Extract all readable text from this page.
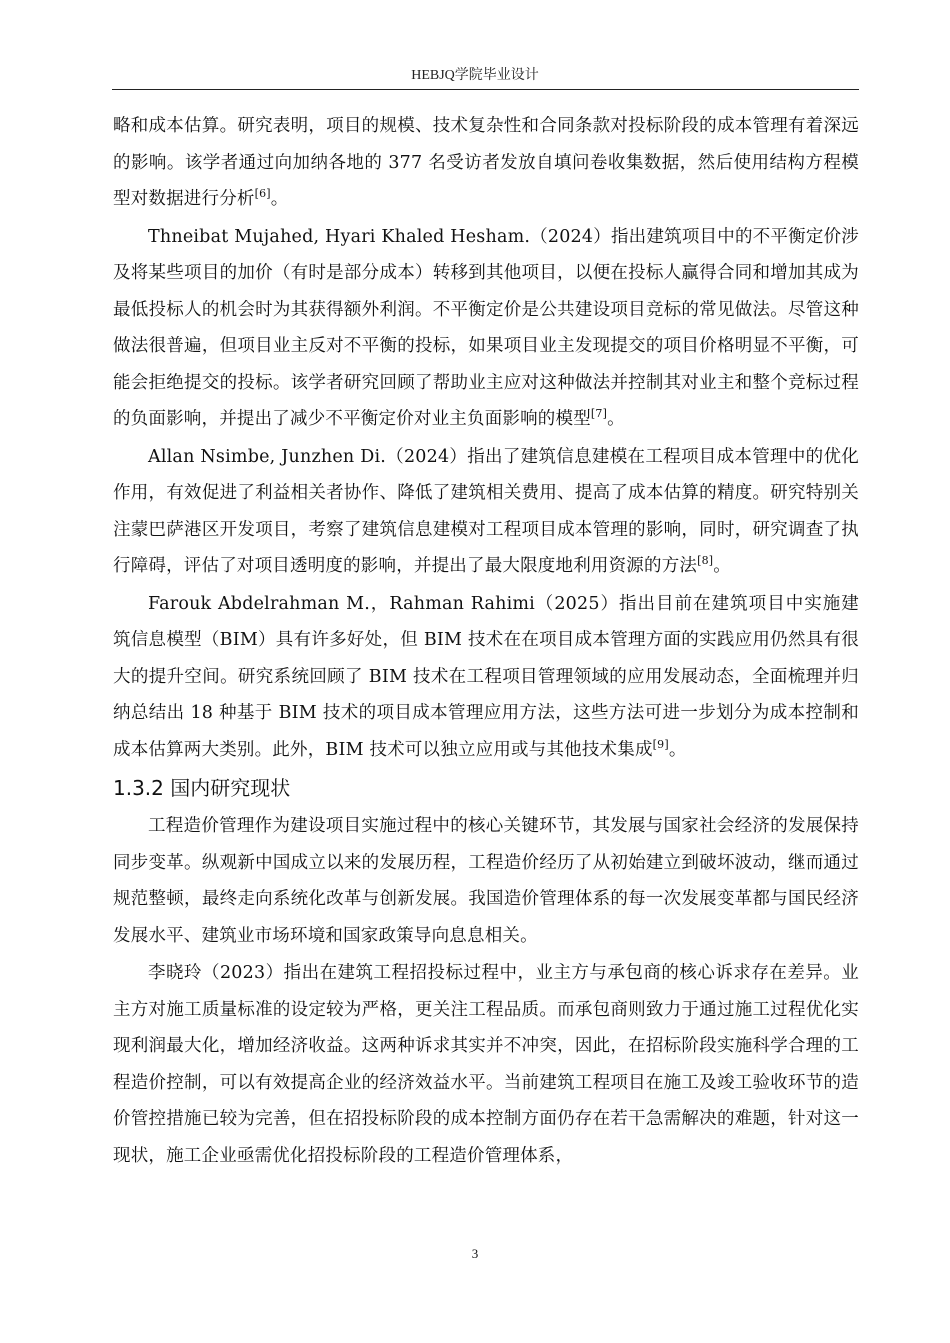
HEBJQ学院毕业设计

略和成本估算。研究表明，项目的规模、技术复杂性和合同条款对投标阶段的成本管理有着深远的影响。该学者通过向加纳各地的 377 名受访者发放自填问卷收集数据，然后使用结构方程模型对数据进行分析[6]。

Thneibat Mujahed, Hyari Khaled Hesham.（2024）指出建筑项目中的不平衡定价涉及将某些项目的加价（有时是部分成本）转移到其他项目，以便在投标人赢得合同和增加其成为最低投标人的机会时为其获得额外利润。不平衡定价是公共建设项目竞标的常见做法。尽管这种做法很普遍，但项目业主反对不平衡的投标，如果项目业主发现提交的项目价格明显不平衡，可能会拒绝提交的投标。该学者研究回顾了帮助业主应对这种做法并控制其对业主和整个竞标过程的负面影响，并提出了减少不平衡定价对业主负面影响的模型[7]。

Allan Nsimbe, Junzhen Di.（2024）指出了建筑信息建模在工程项目成本管理中的优化作用，有效促进了利益相关者协作、降低了建筑相关费用、提高了成本估算的精度。研究特别关注蒙巴萨港区开发项目，考察了建筑信息建模对工程项目成本管理的影响，同时，研究调查了执行障碍，评估了对项目透明度的影响，并提出了最大限度地利用资源的方法[8]。

Farouk Abdelrahman M.，Rahman Rahimi（2025）指出目前在建筑项目中实施建筑信息模型（BIM）具有许多好处，但 BIM 技术在在项目成本管理方面的实践应用仍然具有很大的提升空间。研究系统回顾了 BIM 技术在工程项目管理领域的应用发展动态，全面梳理并归纳总结出 18 种基于 BIM 技术的项目成本管理应用方法，这些方法可进一步划分为成本控制和成本估算两大类别。此外，BIM 技术可以独立应用或与其他技术集成[9]。

1.3.2 国内研究现状

工程造价管理作为建设项目实施过程中的核心关键环节，其发展与国家社会经济的发展保持同步变革。纵观新中国成立以来的发展历程，工程造价经历了从初始建立到破坏波动，继而通过规范整顿，最终走向系统化改革与创新发展。我国造价管理体系的每一次发展变革都与国民经济发展水平、建筑业市场环境和国家政策导向息息相关。

李晓玲（2023）指出在建筑工程招投标过程中，业主方与承包商的核心诉求存在差异。业主方对施工质量标准的设定较为严格，更关注工程品质。而承包商则致力于通过施工过程优化实现利润最大化，增加经济收益。这两种诉求其实并不冲突，因此，在招标阶段实施科学合理的工程造价控制，可以有效提高企业的经济效益水平。当前建筑工程项目在施工及竣工验收环节的造价管控措施已较为完善，但在招投标阶段的成本控制方面仍存在若干急需解决的难题，针对这一现状，施工企业亟需优化招投标阶段的工程造价管理体系，

3
